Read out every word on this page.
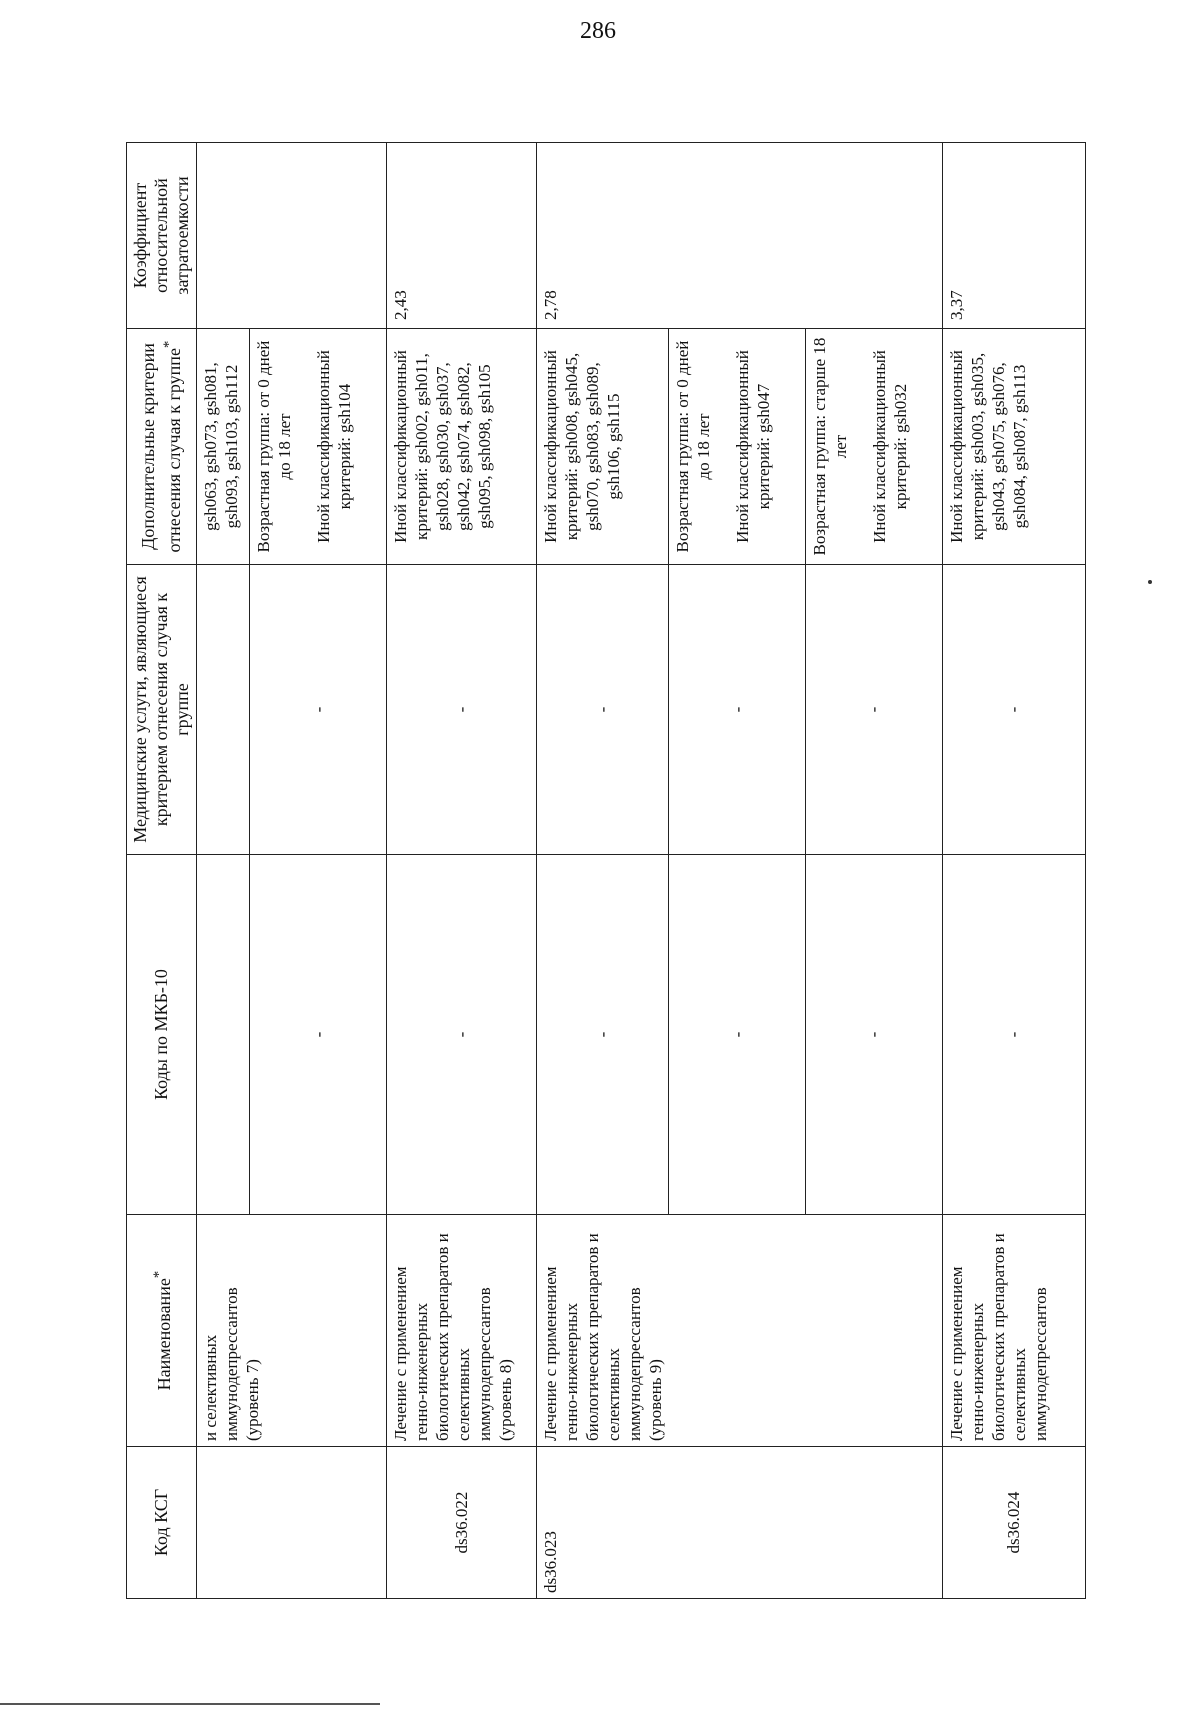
286
Код КСГ	Наименование*	Коды по МКБ-10	Медицинские услуги, являющиеся критерием отнесения случая к группе	Дополнительные критерии отнесения случая к группе*	Коэффициент относительной затратоемкости
	и селективных иммунодепрессантов (уровень 7)			gsh063, gsh073, gsh081, gsh093, gsh103, gsh112	

		-	-	Возрастная группа: от 0 дней до 18 лет Иной классификационный критерий: gsh104	

ds36.022	Лечение с применением генно-инженерных биологических препаратов и селективных иммунодепрессантов (уровень 8)	-	-	Иной классификационный критерий: gsh002, gsh011, gsh028, gsh030, gsh037, gsh042, gsh074, gsh082, gsh095, gsh098, gsh105	2,43
ds36.023	Лечение с применением генно-инженерных биологических препаратов и селективных иммунодепрессантов (уровень 9)	-	-	Иной классификационный критерий: gsh008, gsh045, gsh070, gsh083, gsh089, gsh106, gsh115	2,78
		-	-	Возрастная группа: от 0 дней до 18 лет Иной классификационный критерий: gsh047	

		-	-	Возрастная группа: старше 18 лет Иной классификационный критерий: gsh032	

ds36.024	Лечение с применением генно-инженерных биологических препаратов и селективных иммунодепрессантов	-	-	Иной классификационный критерий: gsh003, gsh035, gsh043, gsh075, gsh076, gsh084, gsh087, gsh113	3,37
